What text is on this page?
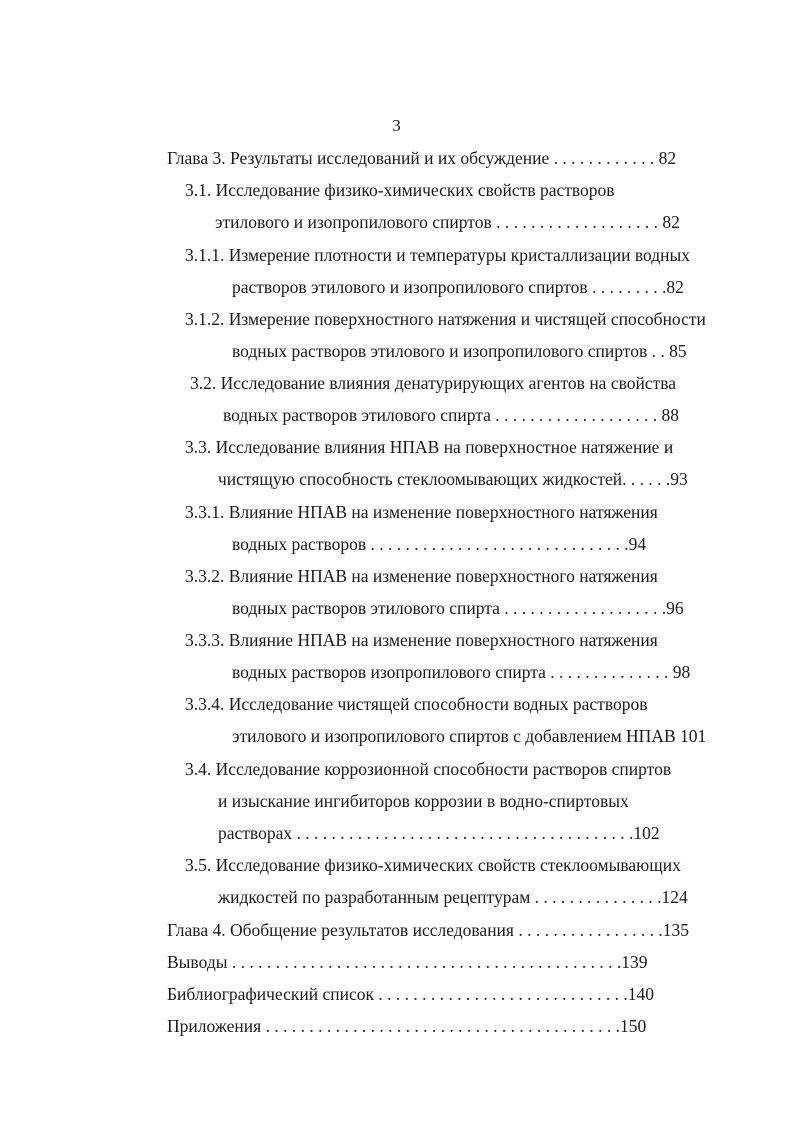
3
Глава 3. Результаты исследований и их обсуждение . . . . . . . . . . . . 82
3.1. Исследование физико-химических свойств растворов
этилового и изопропилового спиртов . . . . . . . . . . . . . . . . . . . 82
3.1.1. Измерение плотности и температуры кристаллизации водных
растворов этилового и изопропилового спиртов . . . . . . . . .82
3.1.2. Измерение поверхностного натяжения и чистящей способности
водных растворов этилового и изопропилового спиртов . . 85
3.2. Исследование влияния денатурирующих агентов на свойства
водных растворов этилового спирта . . . . . . . . . . . . . . . . . . . 88
3.3. Исследование влияния НПАВ на поверхностное натяжение и
чистящую способность стеклоомывающих жидкостей. . . . . .93
3.3.1. Влияние НПАВ на изменение поверхностного натяжения
водных растворов . . . . . . . . . . . . . . . . . . . . . . . . . . . . . .94
3.3.2. Влияние НПАВ на изменение поверхностного натяжения
водных растворов этилового спирта . . . . . . . . . . . . . . . . . . .96
3.3.3. Влияние НПАВ на изменение поверхностного натяжения
водных растворов изопропилового спирта . . . . . . . . . . . . . . 98
3.3.4. Исследование чистящей способности водных растворов
этилового и изопропилового спиртов с добавлением НПАВ 101
3.4. Исследование коррозионной способности растворов спиртов
и изыскание ингибиторов коррозии в водно-спиртовых
растворах . . . . . . . . . . . . . . . . . . . . . . . . . . . . . . . . . . . . . . .102
3.5. Исследование физико-химических свойств стеклоомывающих
жидкостей по разработанным рецептурам . . . . . . . . . . . . . . .124
Глава 4. Обобщение результатов исследования . . . . . . . . . . . . . . . . .135
Выводы . . . . . . . . . . . . . . . . . . . . . . . . . . . . . . . . . . . . . . . . . . . . .139
Библиографический список . . . . . . . . . . . . . . . . . . . . . . . . . . . . .140
Приложения . . . . . . . . . . . . . . . . . . . . . . . . . . . . . . . . . . . . . . . . .150
